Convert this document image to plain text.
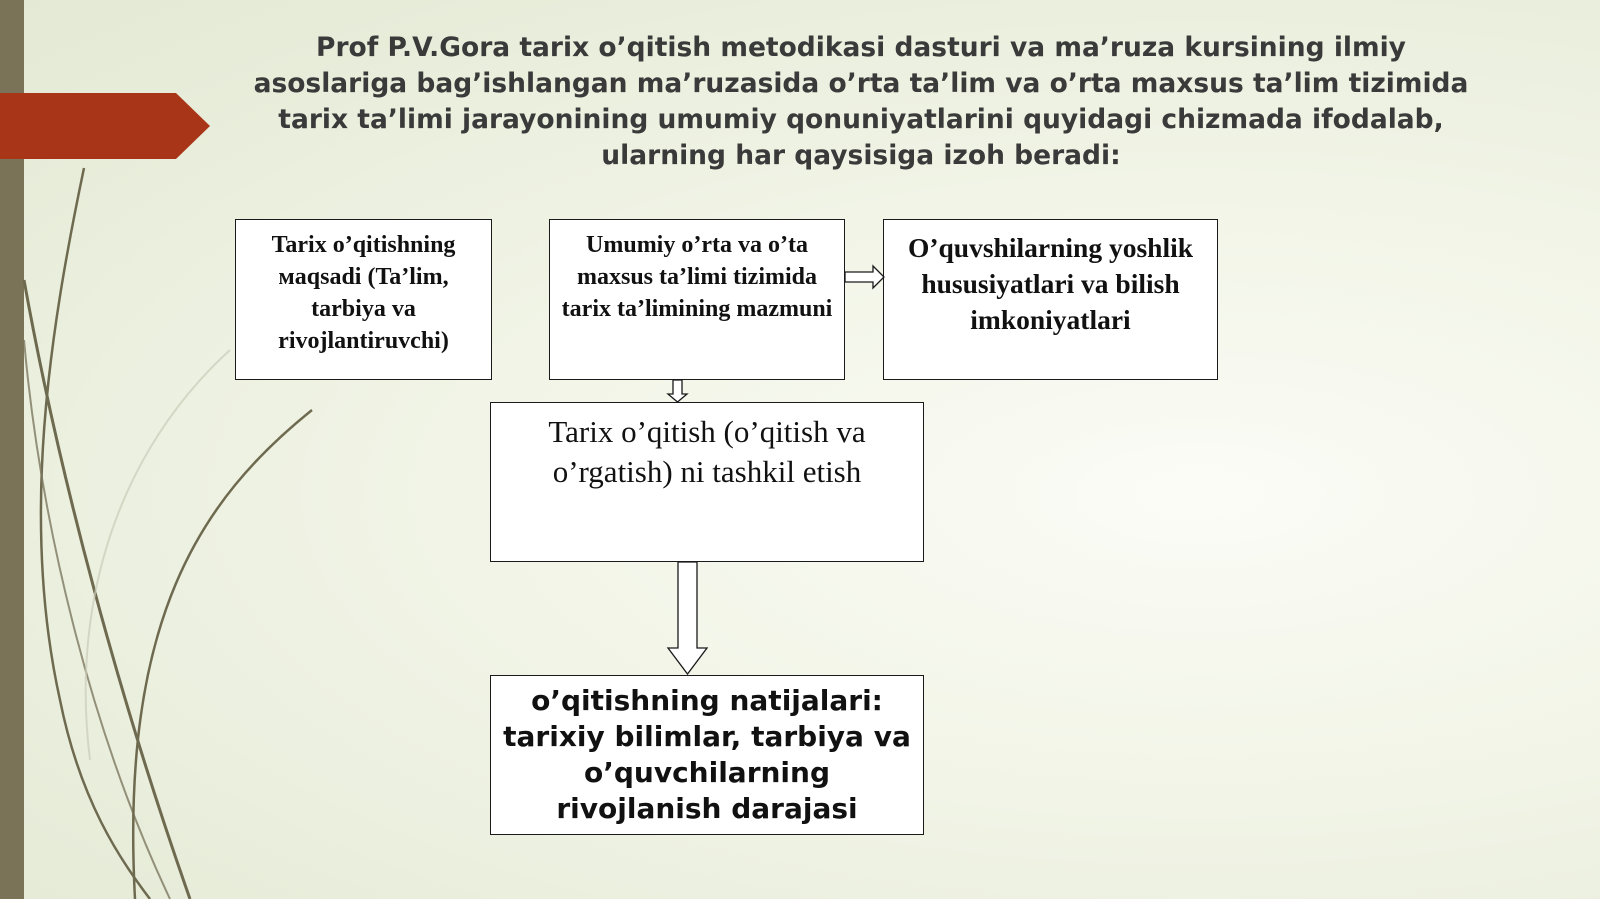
Prof P.V.Gora tarix o’qitish metodikasi dasturi va ma’ruza kursining ilmiy asoslariga bag’ishlangan ma’ruzasida o’rta ta’lim va o’rta maxsus ta’lim tizimida tarix ta’limi jarayonining umumiy qonuniyatlarini quyidagi chizmada ifodalab, ularning har qaysisiga izoh beradi:
Tarix o’qitishning мaqsadi (Ta’lim, tarbiya va rivojlantiruvchi)
Umumiy o’rta va o’ta maxsus ta’limi tizimida tarix ta’limining mazmuni
O’quvshilarning yoshlik hususiyatlari va bilish imkoniyatlari
Tarix o’qitish (o’qitish va o’rgatish) ni tashkil etish
o’qitishning natijalari: tarixiy bilimlar, tarbiya va o’quvchilarning rivojlanish darajasi
